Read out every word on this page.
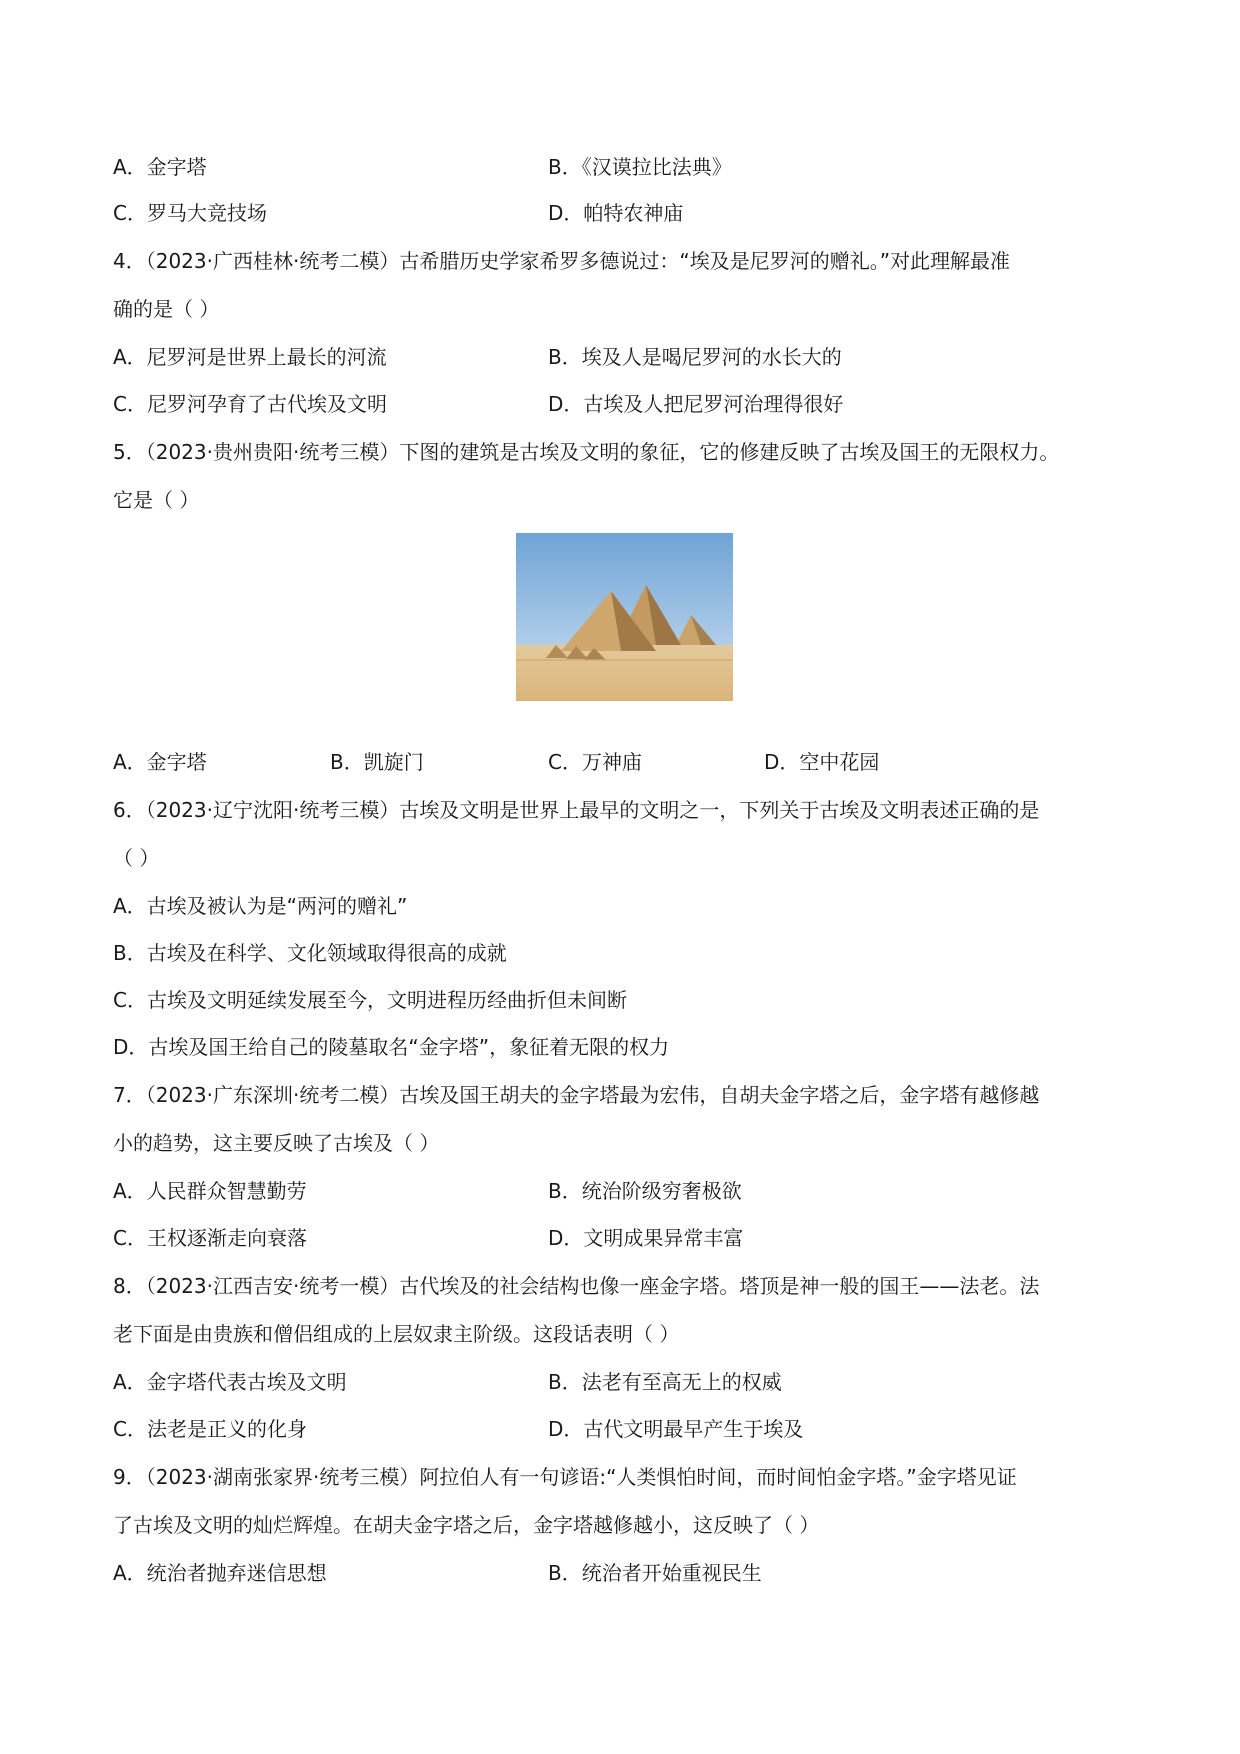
A．金字塔	B．《汉谟拉比法典》
C．罗马大竞技场	D．帕特农神庙
4．（2023·广西桂林·统考二模）古希腊历史学家希罗多德说过：“埃及是尼罗河的赠礼。”对此理解最准
确的是（ ）
A．尼罗河是世界上最长的河流	B．埃及人是喝尼罗河的水长大的
C．尼罗河孕育了古代埃及文明	D．古埃及人把尼罗河治理得很好
5．（2023·贵州贵阳·统考三模）下图的建筑是古埃及文明的象征，它的修建反映了古埃及国王的无限权力。
它是（ ）
A．金字塔	B．凯旋门	C．万神庙	D．空中花园
6．（2023·辽宁沈阳·统考三模）古埃及文明是世界上最早的文明之一，下列关于古埃及文明表述正确的是
（ ）
A．古埃及被认为是“两河的赠礼”
B．古埃及在科学、文化领域取得很高的成就
C．古埃及文明延续发展至今，文明进程历经曲折但未间断
D．古埃及国王给自己的陵墓取名“金字塔”，象征着无限的权力
7．（2023·广东深圳·统考二模）古埃及国王胡夫的金字塔最为宏伟，自胡夫金字塔之后，金字塔有越修越
小的趋势，这主要反映了古埃及（ ）
A．人民群众智慧勤劳	B．统治阶级穷奢极欲
C．王权逐渐走向衰落	D．文明成果异常丰富
8．（2023·江西吉安·统考一模）古代埃及的社会结构也像一座金字塔。塔顶是神一般的国王——法老。法
老下面是由贵族和僧侣组成的上层奴隶主阶级。这段话表明（ ）
A．金字塔代表古埃及文明	B．法老有至高无上的权威
C．法老是正义的化身	D．古代文明最早产生于埃及
9．（2023·湖南张家界·统考三模）阿拉伯人有一句谚语:“人类惧怕时间，而时间怕金字塔。”金字塔见证
了古埃及文明的灿烂辉煌。在胡夫金字塔之后，金字塔越修越小，这反映了（ ）
A．统治者抛弃迷信思想	B．统治者开始重视民生
